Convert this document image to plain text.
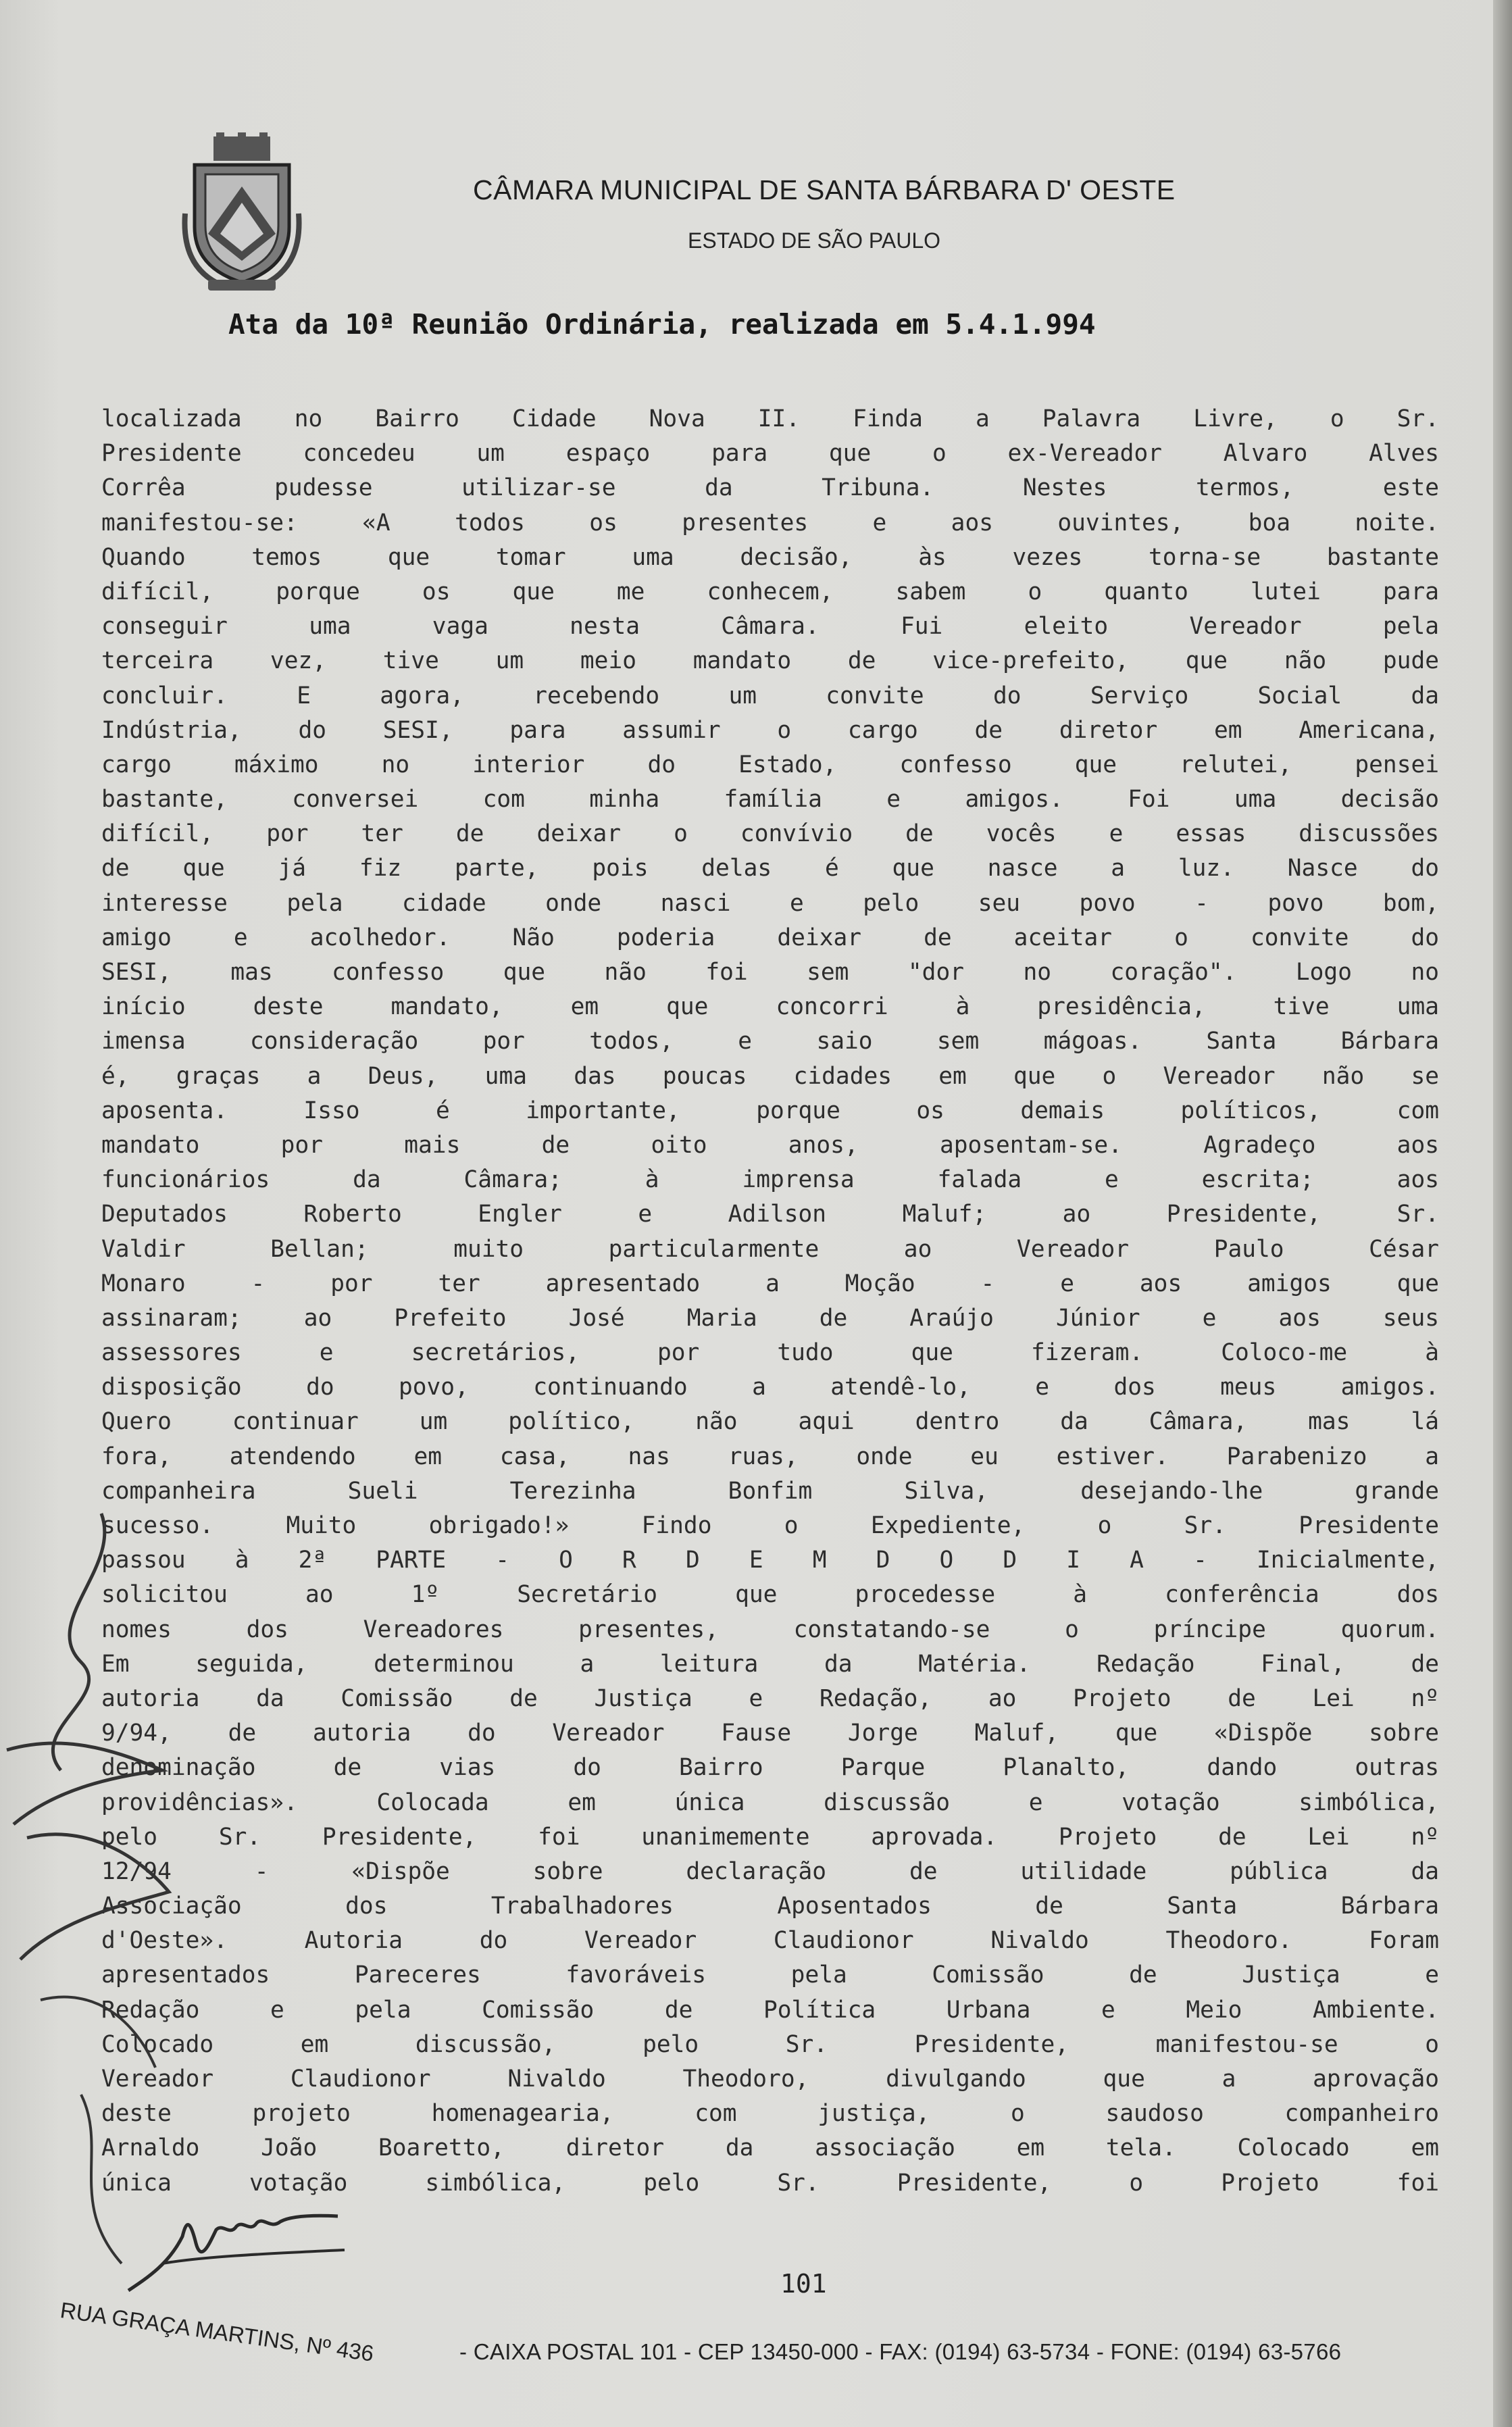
CÂMARA MUNICIPAL DE SANTA BÁRBARA D' OESTE
ESTADO DE SÃO PAULO
Ata da 10ª Reunião Ordinária, realizada em 5.4.1.994
localizada no Bairro Cidade Nova II. Finda a Palavra Livre, o Sr.
Presidente concedeu um espaço para que o ex-Vereador Alvaro Alves
Corrêa pudesse utilizar-se da Tribuna. Nestes termos, este
manifestou-se: «A todos os presentes e aos ouvintes, boa noite.
Quando temos que tomar uma decisão, às vezes torna-se bastante
difícil, porque os que me conhecem, sabem o quanto lutei para
conseguir uma vaga nesta Câmara. Fui eleito Vereador pela
terceira vez, tive um meio mandato de vice-prefeito, que não pude
concluir. E agora, recebendo um convite do Serviço Social da
Indústria, do SESI, para assumir o cargo de diretor em Americana,
cargo máximo no interior do Estado, confesso que relutei, pensei
bastante, conversei com minha família e amigos. Foi uma decisão
difícil, por ter de deixar o convívio de vocês e essas discussões
de que já fiz parte, pois delas é que nasce a luz. Nasce do
interesse pela cidade onde nasci e pelo seu povo - povo bom,
amigo e acolhedor. Não poderia deixar de aceitar o convite do
SESI, mas confesso que não foi sem "dor no coração". Logo no
início deste mandato, em que concorri à presidência, tive uma
imensa consideração por todos, e saio sem mágoas. Santa Bárbara
é, graças a Deus, uma das poucas cidades em que o Vereador não se
aposenta. Isso é importante, porque os demais políticos, com
mandato por mais de oito anos, aposentam-se. Agradeço aos
funcionários da Câmara; à imprensa falada e escrita; aos
Deputados Roberto Engler e Adilson Maluf; ao Presidente, Sr.
Valdir Bellan; muito particularmente ao Vereador Paulo César
Monaro - por ter apresentado a Moção - e aos amigos que
assinaram; ao Prefeito José Maria de Araújo Júnior e aos seus
assessores e secretários, por tudo que fizeram. Coloco-me à
disposição do povo, continuando a atendê-lo, e dos meus amigos.
Quero continuar um político, não aqui dentro da Câmara, mas lá
fora, atendendo em casa, nas ruas, onde eu estiver. Parabenizo a
companheira Sueli Terezinha Bonfim Silva, desejando-lhe grande
sucesso. Muito obrigado!» Findo o Expediente, o Sr. Presidente
passou à 2ª PARTE - O R D E M D O D I A - Inicialmente,
solicitou ao 1º Secretário que procedesse à conferência dos
nomes dos Vereadores presentes, constatando-se o príncipe quorum.
Em seguida, determinou a leitura da Matéria. Redação Final, de
autoria da Comissão de Justiça e Redação, ao Projeto de Lei nº
9/94, de autoria do Vereador Fause Jorge Maluf, que «Dispõe sobre
denominação de vias do Bairro Parque Planalto, dando outras
providências». Colocada em única discussão e votação simbólica,
pelo Sr. Presidente, foi unanimemente aprovada. Projeto de Lei nº
12/94 - «Dispõe sobre declaração de utilidade pública da
Associação dos Trabalhadores Aposentados de Santa Bárbara
d'Oeste». Autoria do Vereador Claudionor Nivaldo Theodoro. Foram
apresentados Pareceres favoráveis pela Comissão de Justiça e
Redação e pela Comissão de Política Urbana e Meio Ambiente.
Colocado em discussão, pelo Sr. Presidente, manifestou-se o
Vereador Claudionor Nivaldo Theodoro, divulgando que a aprovação
deste projeto homenagearia, com justiça, o saudoso companheiro
Arnaldo João Boaretto, diretor da associação em tela. Colocado em
única votação simbólica, pelo Sr. Presidente, o Projeto foi
101
RUA GRAÇA MARTINS, Nº 436	- CAIXA POSTAL 101 - CEP 13450-000 - FAX: (0194) 63-5734 - FONE: (0194) 63-5766
